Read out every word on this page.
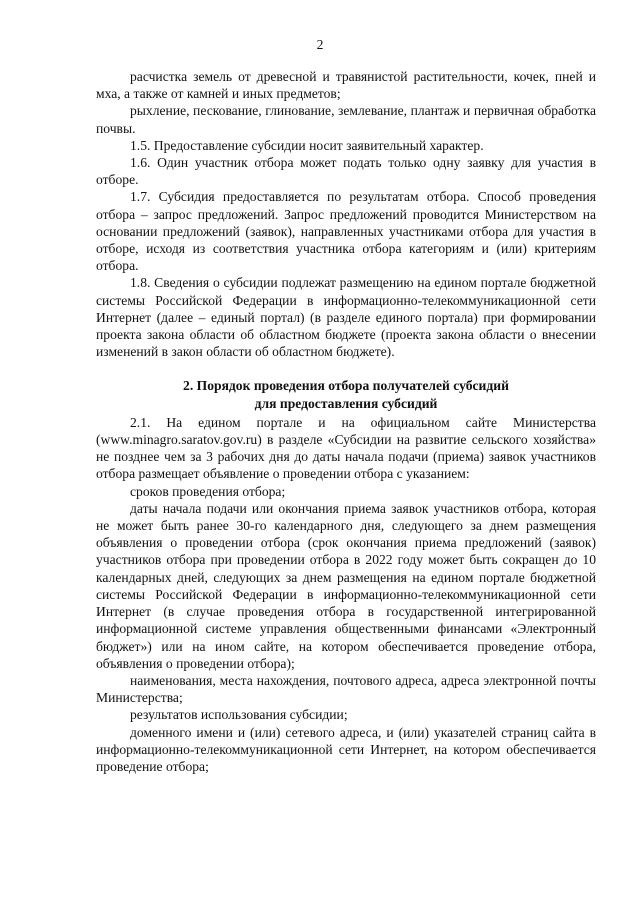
2

расчистка земель от древесной и травянистой растительности, кочек, пней и мха, а также от камней и иных предметов;

рыхление, пескование, глинование, землевание, плантаж и первичная обработка почвы.

1.5. Предоставление субсидии носит заявительный характер.

1.6. Один участник отбора может подать только одну заявку для участия в отборе.

1.7. Субсидия предоставляется по результатам отбора. Способ проведения отбора – запрос предложений. Запрос предложений проводится Министерством на основании предложений (заявок), направленных участниками отбора для участия в отборе, исходя из соответствия участника отбора категориям и (или) критериям отбора.

1.8. Сведения о субсидии подлежат размещению на едином портале бюджетной системы Российской Федерации в информационно-телекоммуникационной сети Интернет (далее – единый портал) (в разделе единого портала) при формировании проекта закона области об областном бюджете (проекта закона области о внесении изменений в закон области об областном бюджете).

2. Порядок проведения отбора получателей субсидий

для предоставления субсидий

2.1. На едином портале и на официальном сайте Министерства (www.minagro.saratov.gov.ru) в разделе «Субсидии на развитие сельского хозяйства» не позднее чем за 3 рабочих дня до даты начала подачи (приема) заявок участников отбора размещает объявление о проведении отбора с указанием:

сроков проведения отбора;

даты начала подачи или окончания приема заявок участников отбора, которая не может быть ранее 30-го календарного дня, следующего за днем размещения объявления о проведении отбора (срок окончания приема предложений (заявок) участников отбора при проведении отбора в 2022 году может быть сокращен до 10 календарных дней, следующих за днем размещения на едином портале бюджетной системы Российской Федерации в информационно-телекоммуникационной сети Интернет (в случае проведения отбора в государственной интегрированной информационной системе управления общественными финансами «Электронный бюджет») или на ином сайте, на котором обеспечивается проведение отбора, объявления о проведении отбора);

наименования, места нахождения, почтового адреса, адреса электронной почты Министерства;

результатов использования субсидии;

доменного имени и (или) сетевого адреса, и (или) указателей страниц сайта в информационно-телекоммуникационной сети Интернет, на котором обеспечивается проведение отбора;
